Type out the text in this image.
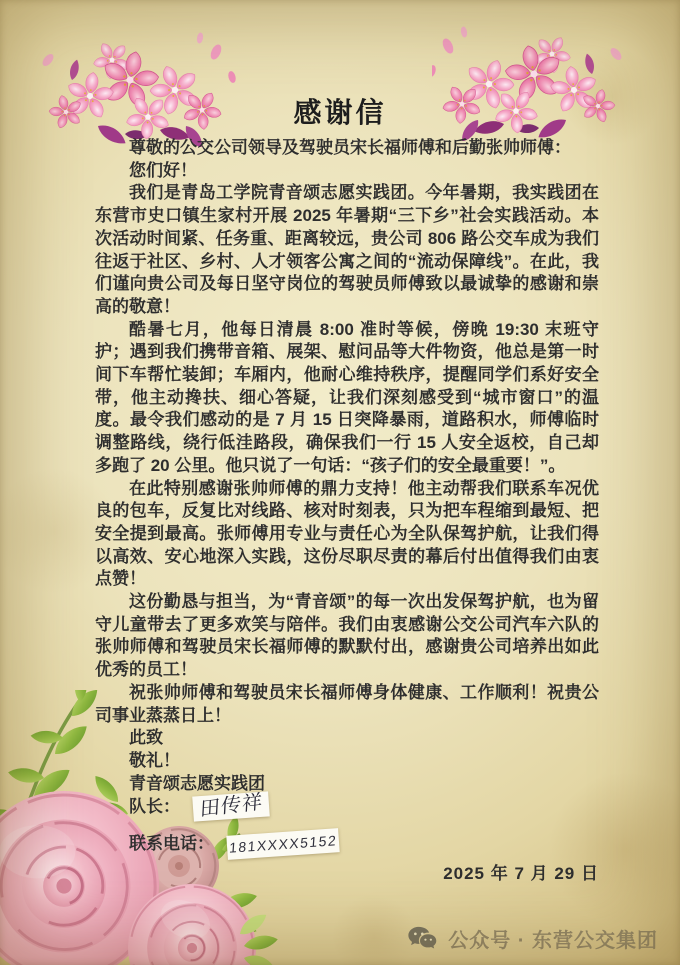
感谢信

尊敬的公交公司领导及驾驶员宋长福师傅和后勤张帅师傅：

您们好！

我们是青岛工学院青音颂志愿实践团。今年暑期，我实践团在东营市史口镇生家村开展 2025 年暑期“三下乡”社会实践活动。本次活动时间紧、任务重、距离较远，贵公司 806 路公交车成为我们往返于社区、乡村、人才领客公寓之间的“流动保障线”。在此，我们谨向贵公司及每日坚守岗位的驾驶员师傅致以最诚挚的感谢和崇高的敬意！

酷暑七月，他每日清晨 8:00 准时等候，傍晚 19:30 末班守护；遇到我们携带音箱、展架、慰问品等大件物资，他总是第一时间下车帮忙装卸；车厢内，他耐心维持秩序，提醒同学们系好安全带，他主动搀扶、细心答疑，让我们深刻感受到“城市窗口”的温度。最令我们感动的是 7 月 15 日突降暴雨，道路积水，师傅临时调整路线，绕行低洼路段，确保我们一行 15 人安全返校，自己却多跑了 20 公里。他只说了一句话：“孩子们的安全最重要！”。

在此特别感谢张帅师傅的鼎力支持！他主动帮我们联系车况优良的包车，反复比对线路、核对时刻表，只为把车程缩到最短、把安全提到最高。张师傅用专业与责任心为全队保驾护航，让我们得以高效、安心地深入实践，这份尽职尽责的幕后付出值得我们由衷点赞！

这份勤恳与担当，为“青音颂”的每一次出发保驾护航，也为留守儿童带去了更多欢笑与陪伴。我们由衷感谢公交公司汽车六队的张帅师傅和驾驶员宋长福师傅的默默付出，感谢贵公司培养出如此优秀的员工！

祝张帅师傅和驾驶员宋长福师傅身体健康、工作顺利！祝贵公司事业蒸蒸日上！

此致

敬礼！

青音颂志愿实践团

队长： 田传祥
联系电话： 181XXXX5152

2025 年 7 月 29 日

公众号 · 东营公交集团
